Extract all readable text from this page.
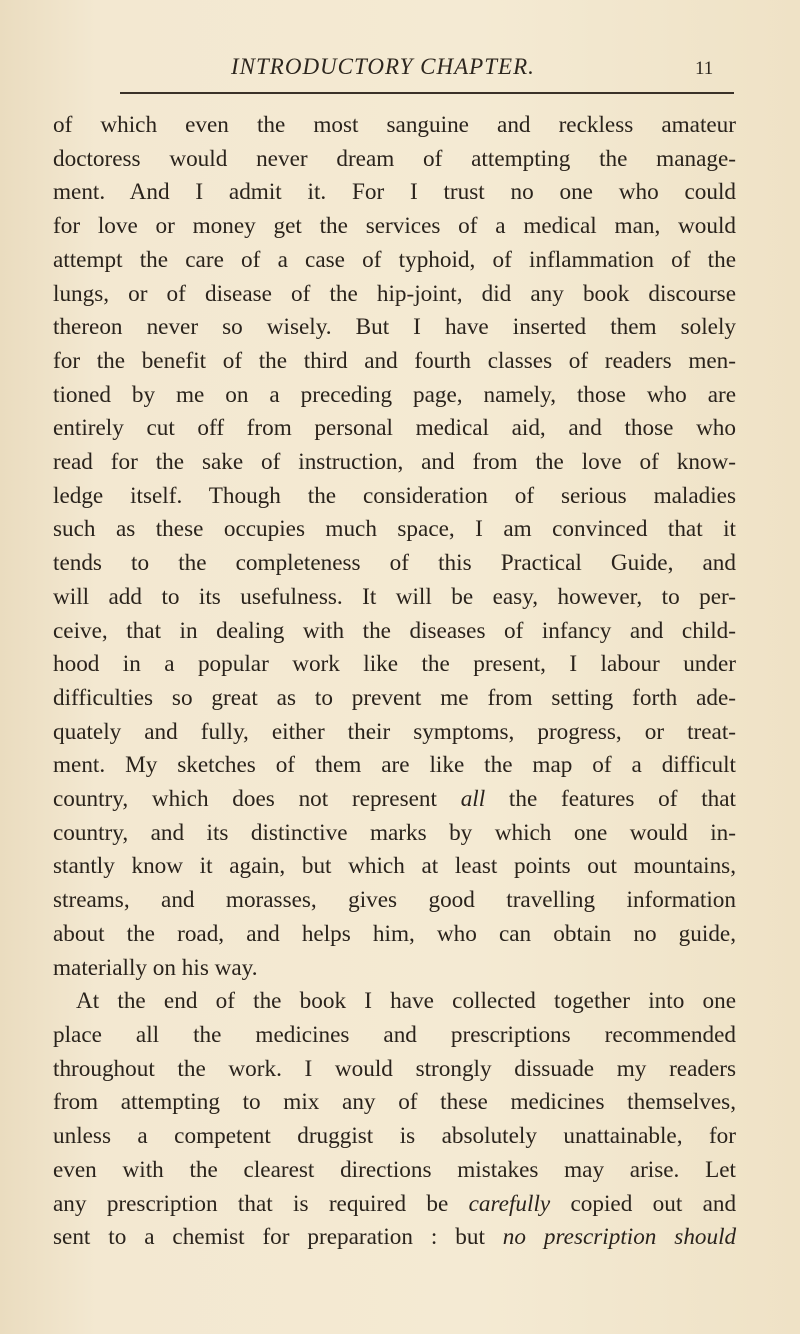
INTRODUCTORY CHAPTER.	11
of which even the most sanguine and reckless amateur
doctoress would never dream of attempting the manage-
ment. And I admit it. For I trust no one who could
for love or money get the services of a medical man, would
attempt the care of a case of typhoid, of inflammation of the
lungs, or of disease of the hip-joint, did any book discourse
thereon never so wisely. But I have inserted them solely
for the benefit of the third and fourth classes of readers men-
tioned by me on a preceding page, namely, those who are
entirely cut off from personal medical aid, and those who
read for the sake of instruction, and from the love of know-
ledge itself. Though the consideration of serious maladies
such as these occupies much space, I am convinced that it
tends to the completeness of this Practical Guide, and
will add to its usefulness. It will be easy, however, to per-
ceive, that in dealing with the diseases of infancy and child-
hood in a popular work like the present, I labour under
difficulties so great as to prevent me from setting forth ade-
quately and fully, either their symptoms, progress, or treat-
ment. My sketches of them are like the map of a difficult
country, which does not represent all the features of that
country, and its distinctive marks by which one would in-
stantly know it again, but which at least points out mountains,
streams, and morasses, gives good travelling information
about the road, and helps him, who can obtain no guide,
materially on his way.
At the end of the book I have collected together into one
place all the medicines and prescriptions recommended
throughout the work. I would strongly dissuade my readers
from attempting to mix any of these medicines themselves,
unless a competent druggist is absolutely unattainable, for
even with the clearest directions mistakes may arise. Let
any prescription that is required be carefully copied out and
sent to a chemist for preparation : but no prescription should
